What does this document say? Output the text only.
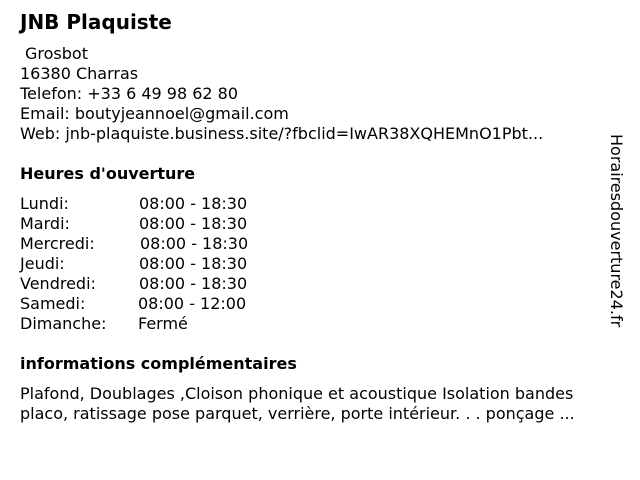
JNB Plaquiste
Grosbot
16380 Charras
Telefon: +33 6 49 98 62 80
Email: boutyjeannoel@gmail.com
Web: jnb-plaquiste.business.site/?fbclid=IwAR38XQHEMnO1Pbt...
Heures d'ouverture
Lundi:	08:00 - 18:30
Mardi:	08:00 - 18:30
Mercredi:	08:00 - 18:30
Jeudi:	08:00 - 18:30
Vendredi:	08:00 - 18:30
Samedi:	08:00 - 12:00
Dimanche: Fermé
informations complémentaires
Plafond, Doublages ,Cloison phonique et acoustique Isolation bandes
placo, ratissage pose parquet, verrière, porte intérieur. . . ponçage ...
Horairesdouverture24.fr
